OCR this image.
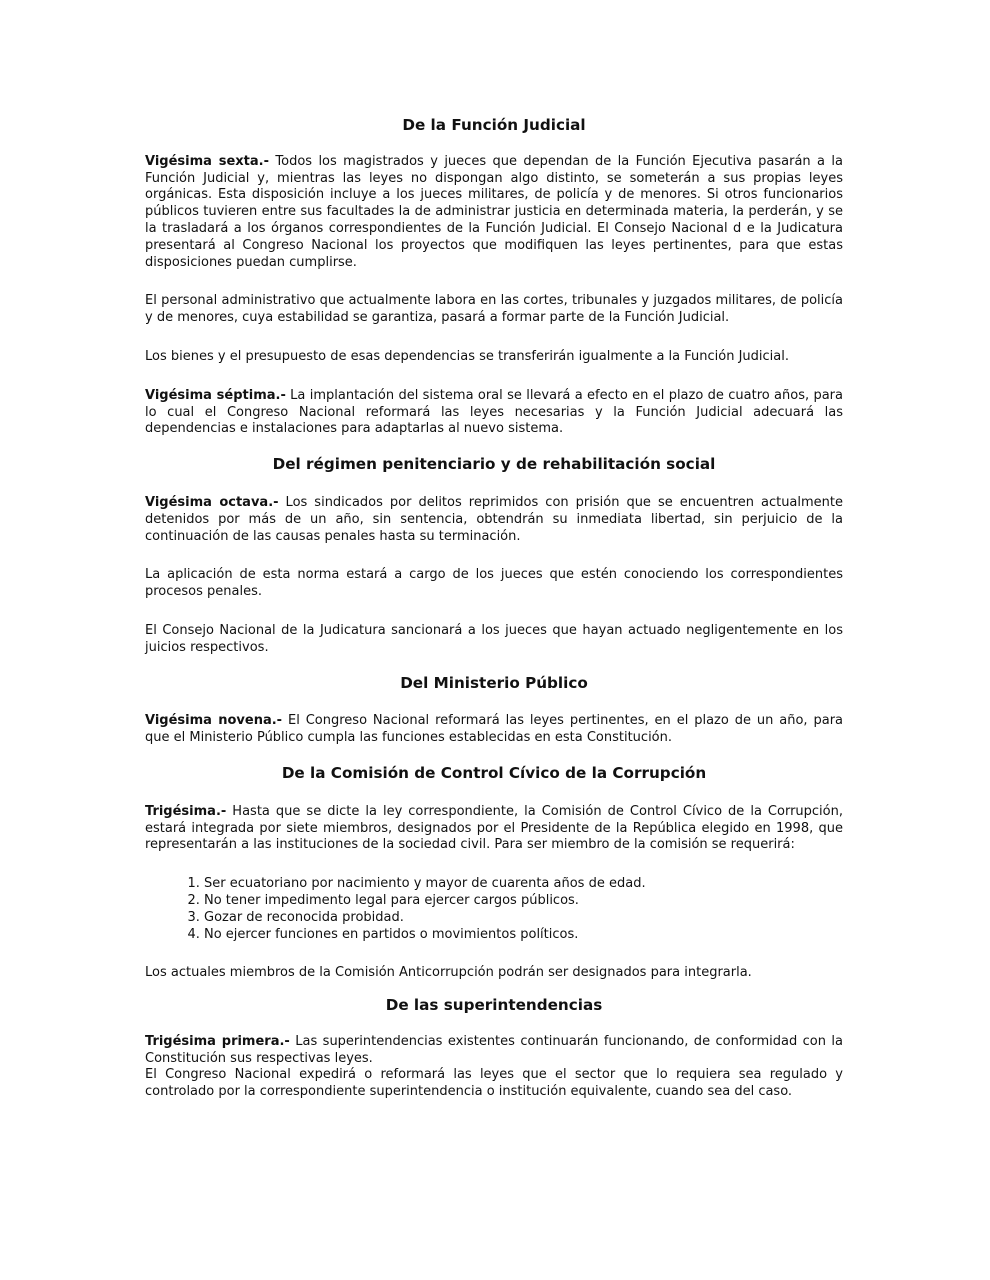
De la Función Judicial

Vigésima sexta.- Todos los magistrados y jueces que dependan de la Función Ejecutiva pasarán a la Función Judicial y, mientras las leyes no dispongan algo distinto, se someterán a sus propias leyes orgánicas. Esta disposición incluye a los jueces militares, de policía y de menores. Si otros funcionarios públicos tuvieren entre sus facultades la de administrar justicia en determinada materia, la perderán, y se la trasladará a los órganos correspondientes de la Función Judicial. El Consejo Nacional d e la Judicatura presentará al Congreso Nacional los proyectos que modifiquen las leyes pertinentes, para que estas disposiciones puedan cumplirse.

El personal administrativo que actualmente labora en las cortes, tribunales y juzgados militares, de policía y de menores, cuya estabilidad se garantiza, pasará a formar parte de la Función Judicial.

Los bienes y el presupuesto de esas dependencias se transferirán igualmente a la Función Judicial.

Vigésima séptima.- La implantación del sistema oral se llevará a efecto en el plazo de cuatro años, para lo cual el Congreso Nacional reformará las leyes necesarias y la Función Judicial adecuará las dependencias e instalaciones para adaptarlas al nuevo sistema.

Del régimen penitenciario y de rehabilitación social

Vigésima octava.- Los sindicados por delitos reprimidos con prisión que se encuentren actualmente detenidos por más de un año, sin sentencia, obtendrán su inmediata libertad, sin perjuicio de la continuación de las causas penales hasta su terminación.

La aplicación de esta norma estará a cargo de los jueces que estén conociendo los correspondientes procesos penales.

El Consejo Nacional de la Judicatura sancionará a los jueces que hayan actuado negligentemente en los juicios respectivos.

Del Ministerio Público

Vigésima novena.- El Congreso Nacional reformará las leyes pertinentes, en el plazo de un año, para que el Ministerio Público cumpla las funciones establecidas en esta Constitución.

De la Comisión de Control Cívico de la Corrupción

Trigésima.- Hasta que se dicte la ley correspondiente, la Comisión de Control Cívico de la Corrupción, estará integrada por siete miembros, designados por el Presidente de la República elegido en 1998, que representarán a las instituciones de la sociedad civil. Para ser miembro de la comisión se requerirá:

1. Ser ecuatoriano por nacimiento y mayor de cuarenta años de edad.
2. No tener impedimento legal para ejercer cargos públicos.
3. Gozar de reconocida probidad.
4. No ejercer funciones en partidos o movimientos políticos.

Los actuales miembros de la Comisión Anticorrupción podrán ser designados para integrarla.

De las superintendencias

Trigésima primera.- Las superintendencias existentes continuarán funcionando, de conformidad con la Constitución sus respectivas leyes.

El Congreso Nacional expedirá o reformará las leyes que el sector que lo requiera sea regulado y controlado por la correspondiente superintendencia o institución equivalente, cuando sea del caso.
